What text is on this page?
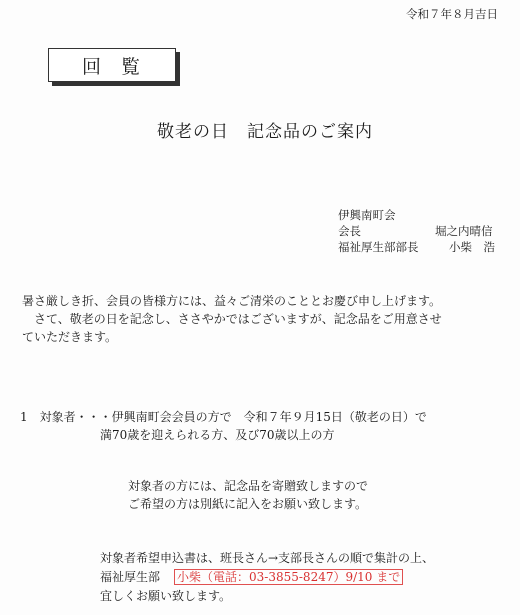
令和７年８月吉日
回覧
敬老の日　記念品のご案内
伊興南町会
会長	堀之内晴信
福祉厚生部部長	小柴　浩
暑さ厳しき折、会員の皆様方には、益々ご清栄のこととお慶び申し上げます。
さて、敬老の日を記念し、ささやかではございますが、記念品をご用意させ
ていただきます。
1　対象者・・・伊興南町会会員の方で　令和７年９月15日（敬老の日）で
満70歳を迎えられる方、及び70歳以上の方
対象者の方には、記念品を寄贈致しますので
ご希望の方は別紙に記入をお願い致します。
対象者希望申込書は、班長さん→支部長さんの順で集計の上、
福祉厚生部 小柴（電話：03-3855-8247）9/10 まで
宜しくお願い致します。
